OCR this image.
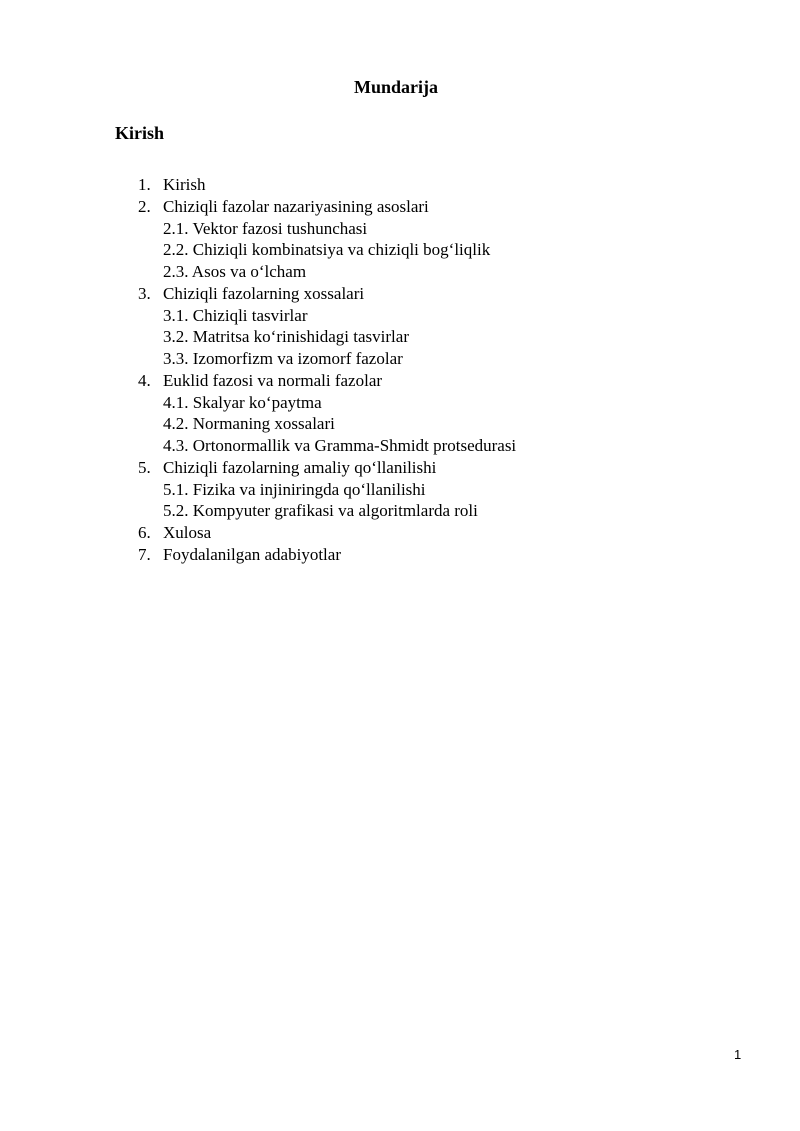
Mundarija
Kirish
1. Kirish
2. Chiziqli fazolar nazariyasining asoslari
2.1. Vektor fazosi tushunchasi
2.2. Chiziqli kombinatsiya va chiziqli bog‘liqlik
2.3. Asos va o‘lcham
3. Chiziqli fazolarning xossalari
3.1. Chiziqli tasvirlar
3.2. Matritsa ko‘rinishidagi tasvirlar
3.3. Izomorfizm va izomorf fazolar
4. Euklid fazosi va normali fazolar
4.1. Skalyar ko‘paytma
4.2. Normaning xossalari
4.3. Ortonormallik va Gramma-Shmidt protsedurasi
5. Chiziqli fazolarning amaliy qo‘llanilishi
5.1. Fizika va injiniringda qo‘llanilishi
5.2. Kompyuter grafikasi va algoritmlarda roli
6. Xulosa
7. Foydalanilgan adabiyotlar
1
